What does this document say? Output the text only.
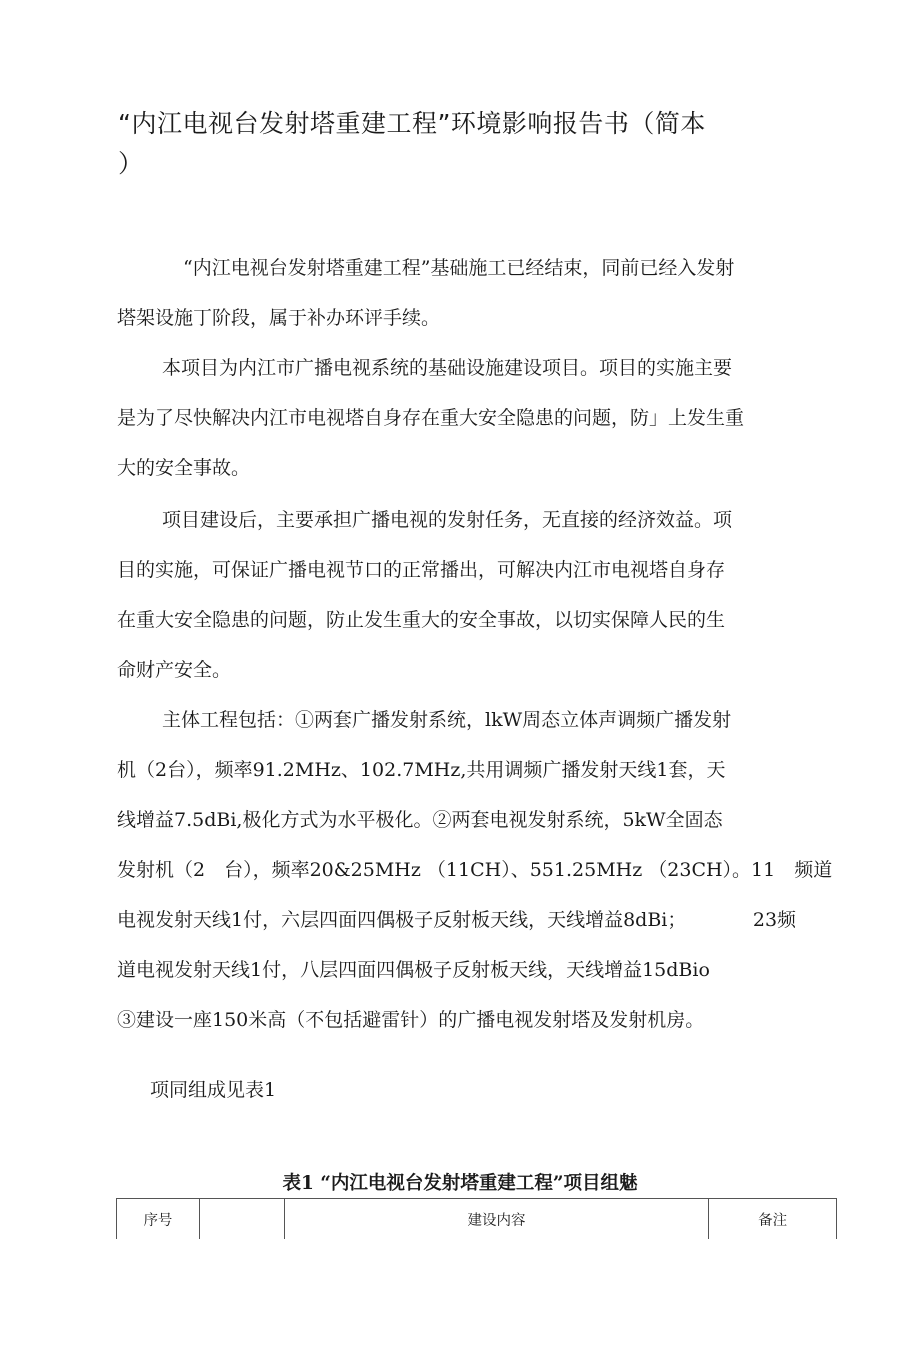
“内江电视台发射塔重建工程”环境影响报告书（简本
）
“内江电视台发射塔重建工程”基础施工已经结束，同前已经入发射
塔架设施丁阶段，属于补办环评手续。
本项目为内江市广播电视系统的基础设施建设项目。项目的实施主要
是为了尽快解决内江市电视塔自身存在重大安全隐患的问题，防」上发生重
大的安全事故。
项目建设后，主要承担广播电视的发射任务，无直接的经济效益。项
目的实施，可保证广播电视节口的正常播出，可解决内江市电视塔自身存
在重大安全隐患的问题，防止发生重大的安全事故，以切实保障人民的生
命财产安全。
主体工程包括：①两套广播发射系统，lkW周态立体声调频广播发射
机（2台），频率91.2MHz、102.7MHz,共用调频广播发射天线1套，天
线增益7.5dBi,极化方式为水平极化。②两套电视发射系统，5kW全固态
发射机（2　台），频率20&25MHz （11CH）、551.25MHz （23CH）。11　频道
电视发射天线1付，六层四面四偶极子反射板天线，天线增益8dBi；　　　　23频
道电视发射天线1付，八层四面四偶极子反射板天线，天线增益15dBio
③建设一座150米高（不包括避雷针）的广播电视发射塔及发射机房。
项同组成见表1
表1 “内江电视台发射塔重建工程”项目组魅
序号		建设内容	备注
